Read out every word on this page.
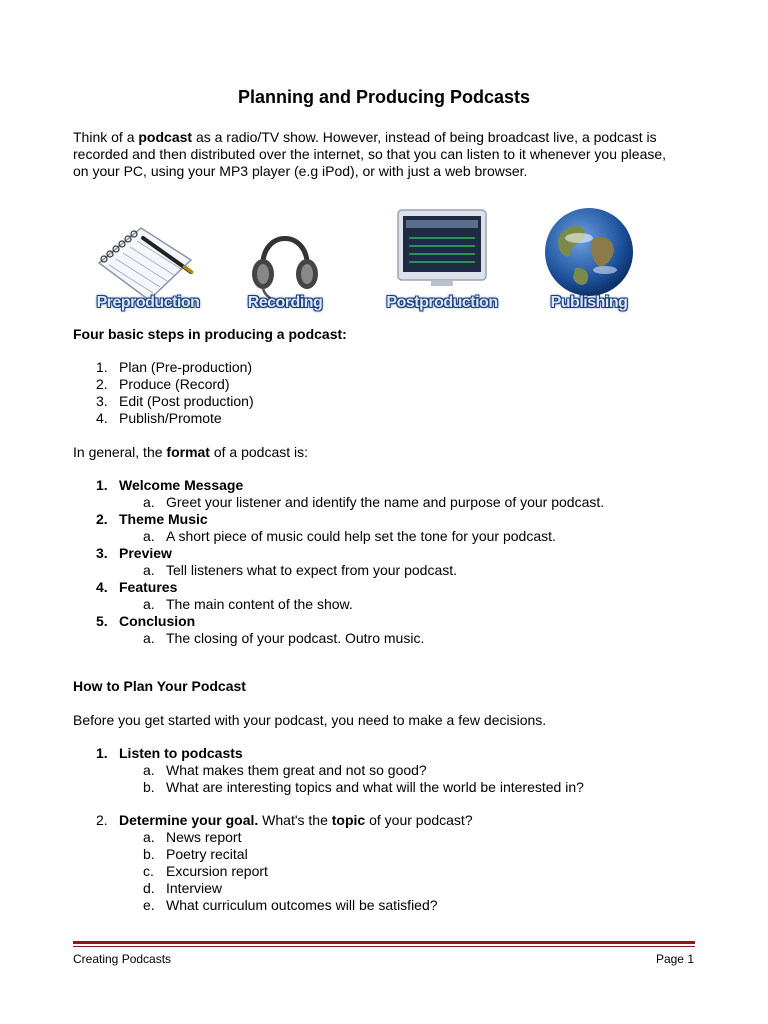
Planning and Producing Podcasts
Think of a podcast as a radio/TV show. However, instead of being broadcast live, a podcast is recorded and then distributed over the internet, so that you can listen to it whenever you please, on your PC, using your MP3 player (e.g iPod), or with just a web browser.
Preproduction	Recording	Postproduction	Publishing
Four basic steps in producing a podcast:
1. Plan (Pre-production)
2. Produce (Record)
3. Edit (Post production)
4. Publish/Promote
In general, the format of a podcast is:
1. Welcome Message
a. Greet your listener and identify the name and purpose of your podcast.
2. Theme Music
a. A short piece of music could help set the tone for your podcast.
3. Preview
a. Tell listeners what to expect from your podcast.
4. Features
a. The main content of the show.
5. Conclusion
a. The closing of your podcast. Outro music.
How to Plan Your Podcast
Before you get started with your podcast, you need to make a few decisions.
1. Listen to podcasts
a. What makes them great and not so good?
b. What are interesting topics and what will the world be interested in?
2. Determine your goal. What's the topic of your podcast?
a. News report
b. Poetry recital
c. Excursion report
d. Interview
e. What curriculum outcomes will be satisfied?
Creating Podcasts	Page 1
